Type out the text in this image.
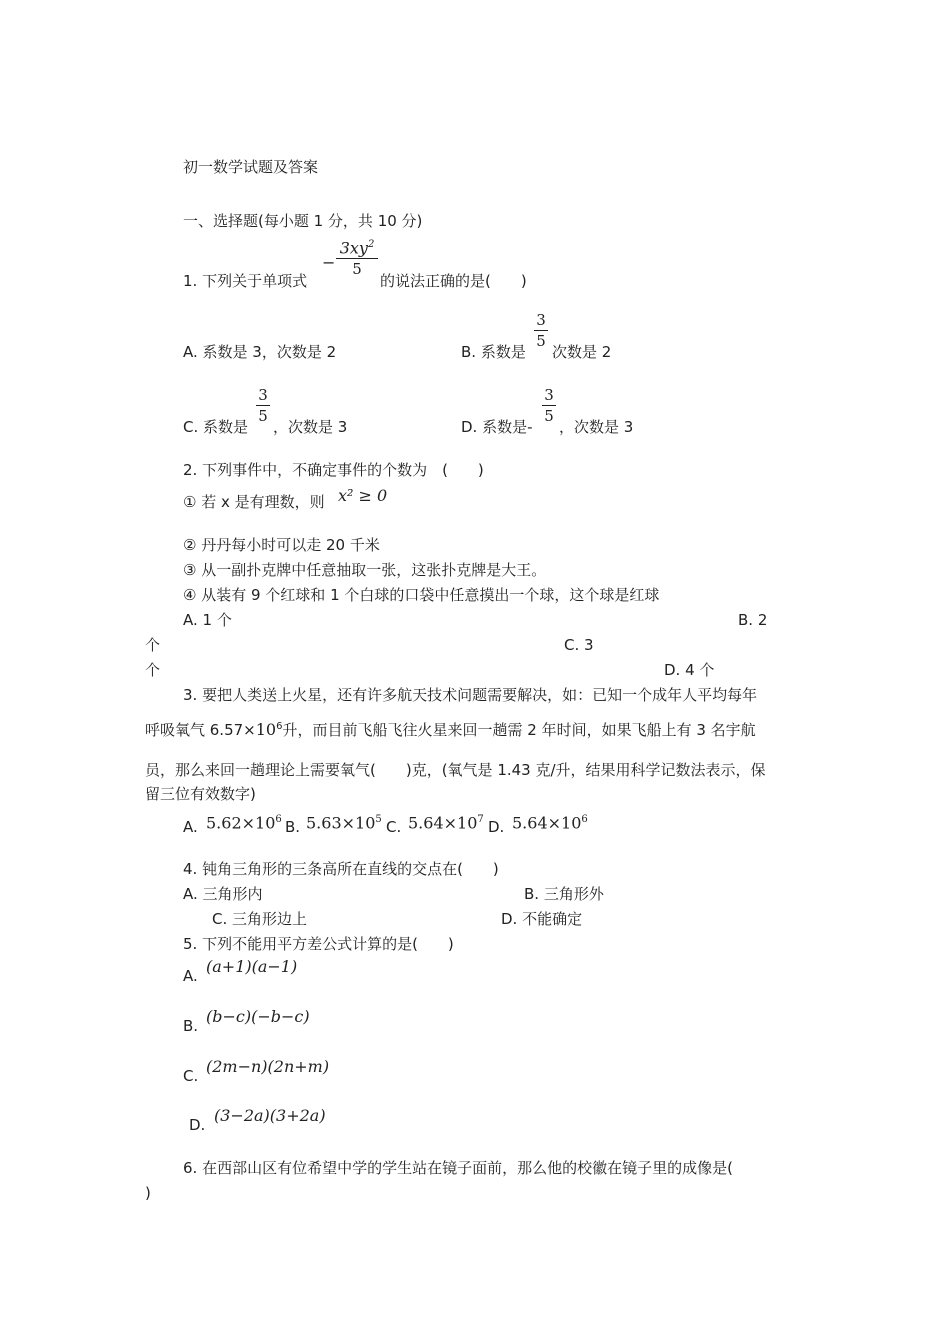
初一数学试题及答案
一、选择题(每小题 1 分，共 10 分)
1. 下列关于单项式
−
$3xy^2$
5
的说法正确的是(　　)
A. 系数是 3，次数是 2	B. 系数是
3
5
次数是 2
C. 系数是
3
5
，次数是 3	D. 系数是-
3
5
，次数是 3
2. 下列事件中，不确定事件的个数为　(　　)
① 若 x 是有理数，则 x² ≥ 0
② 丹丹每小时可以走 20 千米
③ 从一副扑克牌中任意抽取一张，这张扑克牌是大王。
④ 从装有 9 个红球和 1 个白球的口袋中任意摸出一个球，这个球是红球
A. 1 个	B. 2
个	C. 3
个	D. 4 个
3. 要把人类送上火星，还有许多航天技术问题需要解决，如：已知一个成年人平均每年
呼吸氧气 $6.57\times 10^6$升，而目前飞船飞往火星来回一趟需 2 年时间，如果飞船上有 3 名宇航
员，那么来回一趟理论上需要氧气(　　)克，(氧气是 1.43 克/升，结果用科学记数法表示，保
留三位有效数字)
A. $5.62\times 10^6$ B. $5.63\times 10^5$ C. $5.64\times 10^7$ D. $5.64\times 10^6$
4. 钝角三角形的三条高所在直线的交点在(　　)
A. 三角形内	B. 三角形外
C. 三角形边上	D. 不能确定
5. 下列不能用平方差公式计算的是(　　)
A. (a+1)(a−1)
B. (b−c)(−b−c)
C. (2m−n)(2n+m)
D. (3−2a)(3+2a)
6. 在西部山区有位希望中学的学生站在镜子面前，那么他的校徽在镜子里的成像是(
)
